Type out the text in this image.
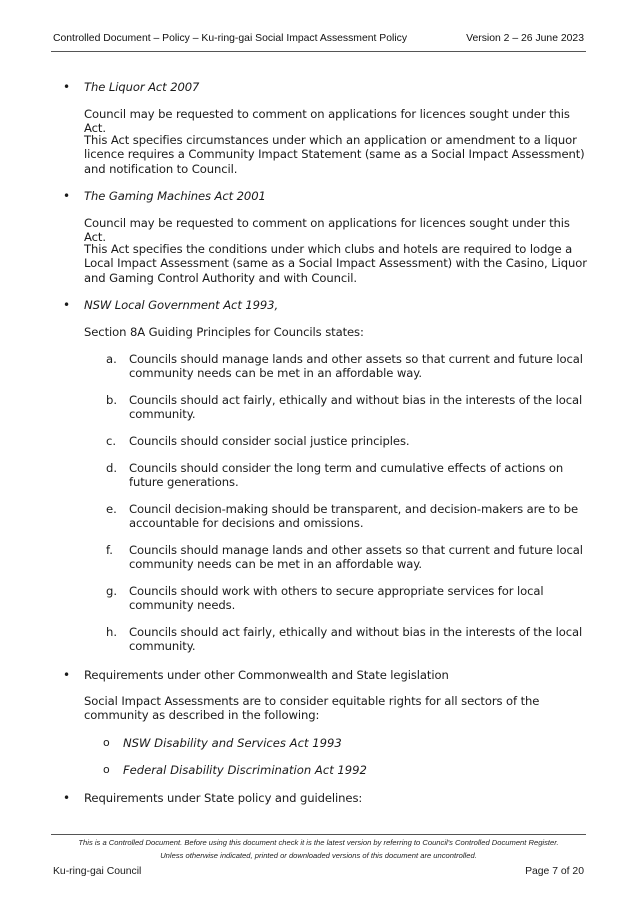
Controlled Document – Policy – Ku-ring-gai Social Impact Assessment Policy	Version 2 – 26 June 2023
• The Liquor Act 2007
Council may be requested to comment on applications for licences sought under this Act.
This Act specifies circumstances under which an application or amendment to a liquor licence requires a Community Impact Statement (same as a Social Impact Assessment) and notification to Council.
• The Gaming Machines Act 2001
Council may be requested to comment on applications for licences sought under this Act.
This Act specifies the conditions under which clubs and hotels are required to lodge a Local Impact Assessment (same as a Social Impact Assessment) with the Casino, Liquor and Gaming Control Authority and with Council.
• NSW Local Government Act 1993,
Section 8A Guiding Principles for Councils states:
a. Councils should manage lands and other assets so that current and future local community needs can be met in an affordable way.
b. Councils should act fairly, ethically and without bias in the interests of the local community.
c. Councils should consider social justice principles.
d. Councils should consider the long term and cumulative effects of actions on future generations.
e. Council decision-making should be transparent, and decision-makers are to be accountable for decisions and omissions.
f. Councils should manage lands and other assets so that current and future local community needs can be met in an affordable way.
g. Councils should work with others to secure appropriate services for local community needs.
h. Councils should act fairly, ethically and without bias in the interests of the local community.
• Requirements under other Commonwealth and State legislation
Social Impact Assessments are to consider equitable rights for all sectors of the community as described in the following:
o NSW Disability and Services Act 1993
o Federal Disability Discrimination Act 1992
• Requirements under State policy and guidelines:
This is a Controlled Document. Before using this document check it is the latest version by referring to Council's Controlled Document Register.
Unless otherwise indicated, printed or downloaded versions of this document are uncontrolled.
Ku-ring-gai Council	Page 7 of 20
